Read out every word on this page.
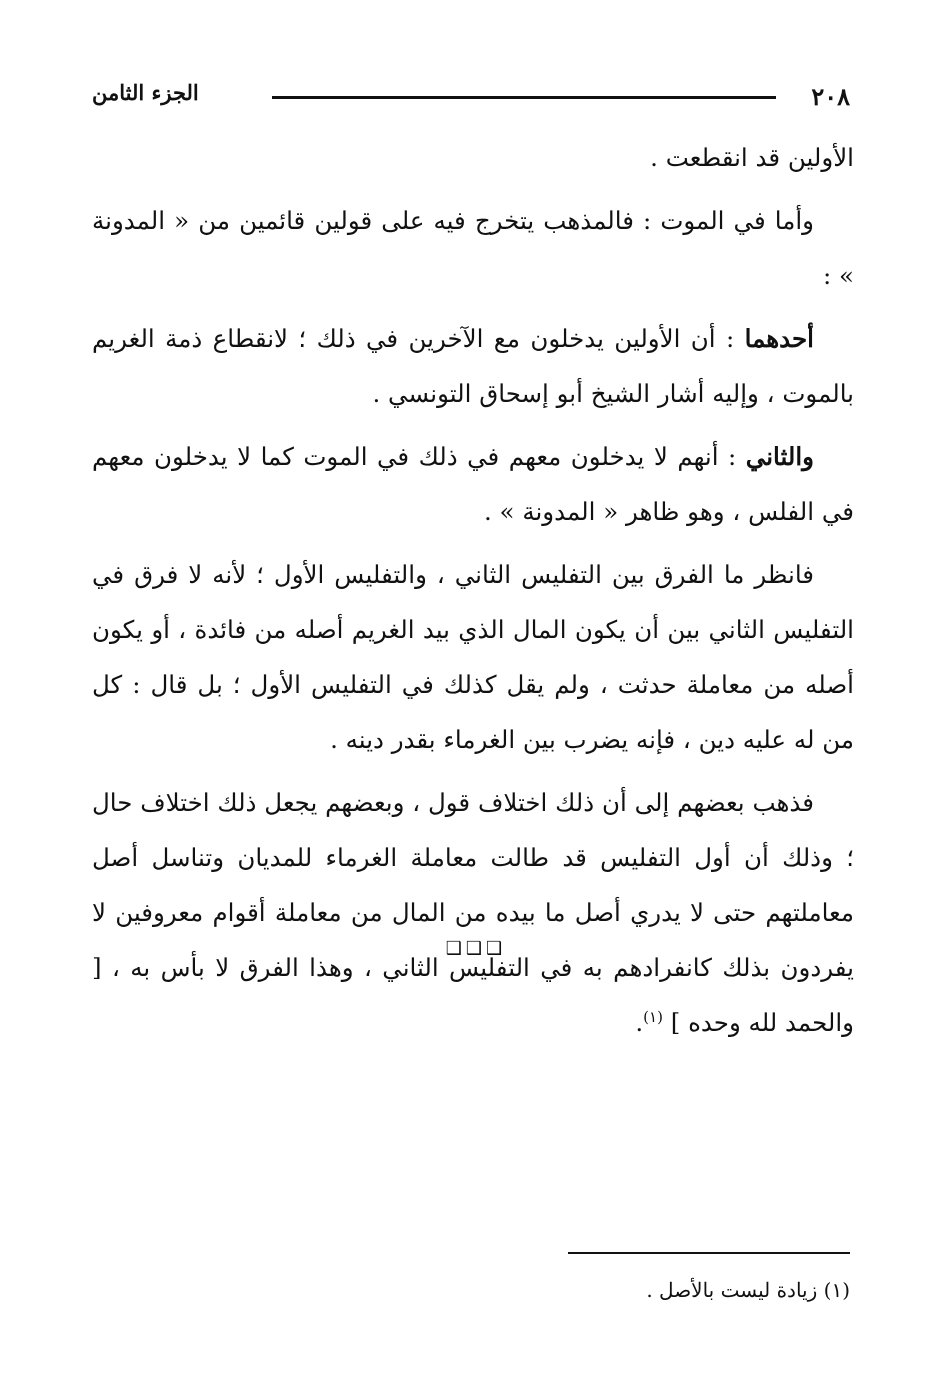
٢٠٨
الجزء الثامن

الأولين قد انقطعت .

وأما في الموت : فالمذهب يتخرج فيه على قولين قائمين من « المدونة » :

أحدهما : أن الأولين يدخلون مع الآخرين في ذلك ؛ لانقطاع ذمة الغريم بالموت ، وإليه أشار الشيخ أبو إسحاق التونسي .

والثاني : أنهم لا يدخلون معهم في ذلك في الموت كما لا يدخلون معهم في الفلس ، وهو ظاهر « المدونة » .

فانظر ما الفرق بين التفليس الثاني ، والتفليس الأول ؛ لأنه لا فرق في التفليس الثاني بين أن يكون المال الذي بيد الغريم أصله من فائدة ، أو يكون أصله من معاملة حدثت ، ولم يقل كذلك في التفليس الأول ؛ بل قال : كل من له عليه دين ، فإنه يضرب بين الغرماء بقدر دينه .

فذهب بعضهم إلى أن ذلك اختلاف قول ، وبعضهم يجعل ذلك اختلاف حال ؛ وذلك أن أول التفليس قد طالت معاملة الغرماء للمديان وتناسل أصل معاملتهم حتى لا يدري أصل ما بيده من المال من معاملة أقوام معروفين لا يفردون بذلك كانفرادهم به في التفليس الثاني ، وهذا الفرق لا بأس به ، [ والحمد لله وحده ] $^{(١)}$.

❑❑❑
(١) زيادة ليست بالأصل .
